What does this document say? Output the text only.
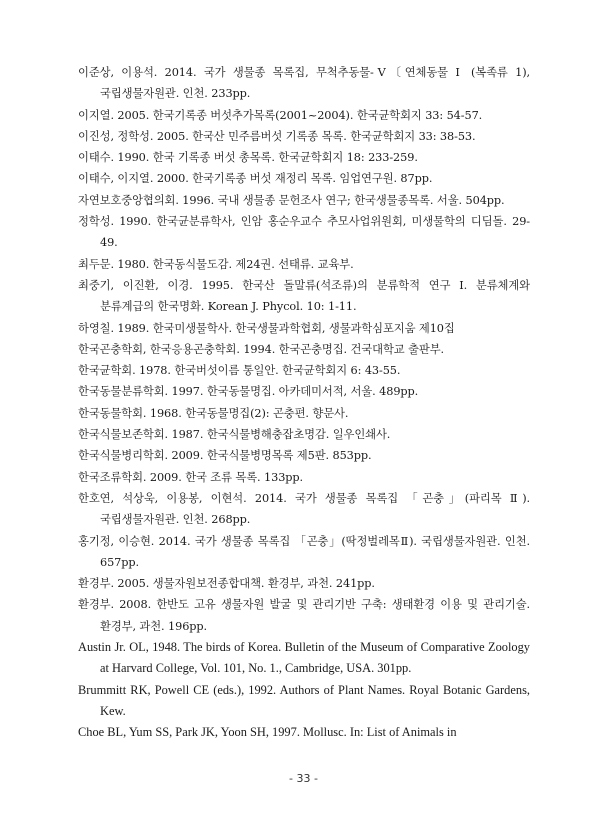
이준상, 이용석. 2014. 국가 생물종 목록집, 무척추동물-Ⅴ〔연체동물 Ⅰ (복족류 1), 국립생물자원관. 인천. 233pp.
이지열. 2005. 한국기록종 버섯추가목록(2001~2004). 한국균학회지 33: 54-57.
이진성, 정학성. 2005. 한국산 민주름버섯 기록종 목록. 한국균학회지 33: 38-53.
이태수. 1990. 한국 기록종 버섯 총목록. 한국균학회지 18: 233-259.
이태수, 이지열. 2000. 한국기록종 버섯 재정리 목록. 임업연구원. 87pp.
자연보호중앙협의회. 1996. 국내 생물종 문헌조사 연구; 한국생물종목록. 서울. 504pp.
정학성. 1990. 한국균분류학사, 인암 홍순우교수 추모사업위원회, 미생물학의 디딤돌. 29-49.
최두문. 1980. 한국동식물도감. 제24권. 선태류. 교육부.
최중기, 이진환, 이경. 1995. 한국산 돌말류(석조류)의 분류학적 연구 I. 분류체계와 분류계급의 한국명화. Korean J. Phycol. 10: 1-11.
하영칠. 1989. 한국미생물학사. 한국생물과학협회, 생물과학심포지움 제10집
한국곤충학회, 한국응용곤충학회. 1994. 한국곤충명집. 건국대학교 출판부.
한국균학회. 1978. 한국버섯이름 통일안. 한국균학회지 6: 43-55.
한국동물분류학회. 1997. 한국동물명집. 아카데미서적, 서울. 489pp.
한국동물학회. 1968. 한국동물명집(2): 곤충편. 향문사.
한국식물보존학회. 1987. 한국식물병해충잡초명감. 일우인쇄사.
한국식물병리학회. 2009. 한국식물병명목록 제5판. 853pp.
한국조류학회. 2009. 한국 조류 목록. 133pp.
한호연, 석상욱, 이용봉, 이현석. 2014. 국가 생물종 목록집 「곤충」(파리목 Ⅱ). 국립생물자원관. 인천. 268pp.
홍기정, 이승현. 2014. 국가 생물종 목록집 「곤충」(딱정벌레목Ⅱ). 국립생물자원관. 인천. 657pp.
환경부. 2005. 생물자원보전종합대책. 환경부, 과천. 241pp.
환경부. 2008. 한반도 고유 생물자원 발굴 및 관리기반 구축: 생태환경 이용 및 관리기술. 환경부, 과천. 196pp.
Austin Jr. OL, 1948. The birds of Korea. Bulletin of the Museum of Comparative Zoology at Harvard College, Vol. 101, No. 1., Cambridge, USA. 301pp.
Brummitt RK, Powell CE (eds.), 1992. Authors of Plant Names. Royal Botanic Gardens, Kew.
Choe BL, Yum SS, Park JK, Yoon SH, 1997. Mollusc. In: List of Animals in
- 33 -
